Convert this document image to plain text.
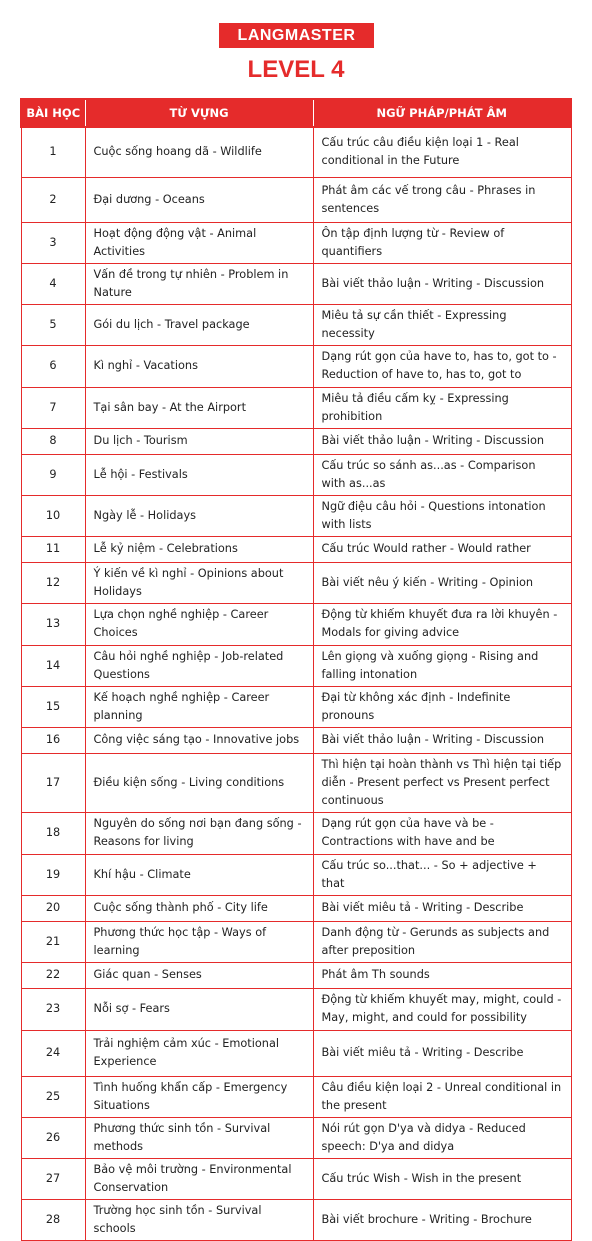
LANGMASTER
LEVEL 4
BÀI HỌC	TỪ VỰNG	NGỮ PHÁP/PHÁT ÂM
1	Cuộc sống hoang dã - Wildlife	Cấu trúc câu điều kiện loại 1 - Real conditional in the Future
2	Đại dương - Oceans	Phát âm các vế trong câu - Phrases in sentences
3	Hoạt động động vật - Animal Activities	Ôn tập định lượng từ - Review of quantifiers
4	Vấn đề trong tự nhiên - Problem in Nature	Bài viết thảo luận - Writing - Discussion
5	Gói du lịch - Travel package	Miêu tả sự cần thiết - Expressing necessity
6	Kì nghỉ - Vacations	Dạng rút gọn của have to, has to, got to - Reduction of have to, has to, got to
7	Tại sân bay - At the Airport	Miêu tả điều cấm kỵ - Expressing prohibition
8	Du lịch - Tourism	Bài viết thảo luận - Writing - Discussion
9	Lễ hội - Festivals	Cấu trúc so sánh as...as - Comparison with as...as
10	Ngày lễ - Holidays	Ngữ điệu câu hỏi - Questions intonation with lists
11	Lễ kỷ niệm - Celebrations	Cấu trúc Would rather - Would rather
12	Ý kiến về kì nghỉ - Opinions about Holidays	Bài viết nêu ý kiến - Writing - Opinion
13	Lựa chọn nghề nghiệp - Career Choices	Động từ khiếm khuyết đưa ra lời khuyên - Modals for giving advice
14	Câu hỏi nghề nghiệp - Job-related Questions	Lên giọng và xuống giọng - Rising and falling intonation
15	Kế hoạch nghề nghiệp - Career planning	Đại từ không xác định - Indefinite pronouns
16	Công việc sáng tạo - Innovative jobs	Bài viết thảo luận - Writing - Discussion
17	Điều kiện sống - Living conditions	Thì hiện tại hoàn thành vs Thì hiện tại tiếp diễn - Present perfect vs Present perfect continuous
18	Nguyên do sống nơi bạn đang sống - Reasons for living	Dạng rút gọn của have và be - Contractions with have and be
19	Khí hậu - Climate	Cấu trúc so...that... - So + adjective + that
20	Cuộc sống thành phố - City life	Bài viết miêu tả - Writing - Describe
21	Phương thức học tập - Ways of learning	Danh động từ - Gerunds as subjects and after preposition
22	Giác quan - Senses	Phát âm Th sounds
23	Nỗi sợ - Fears	Động từ khiếm khuyết may, might, could - May, might, and could for possibility
24	Trải nghiệm cảm xúc - Emotional Experience	Bài viết miêu tả - Writing - Describe
25	Tình huống khẩn cấp - Emergency Situations	Câu điều kiện loại 2 - Unreal conditional in the present
26	Phương thức sinh tồn - Survival methods	Nói rút gọn D'ya và didya - Reduced speech: D'ya and didya
27	Bảo vệ môi trường - Environmental Conservation	Cấu trúc Wish - Wish in the present
28	Trường học sinh tồn - Survival schools	Bài viết brochure - Writing - Brochure
